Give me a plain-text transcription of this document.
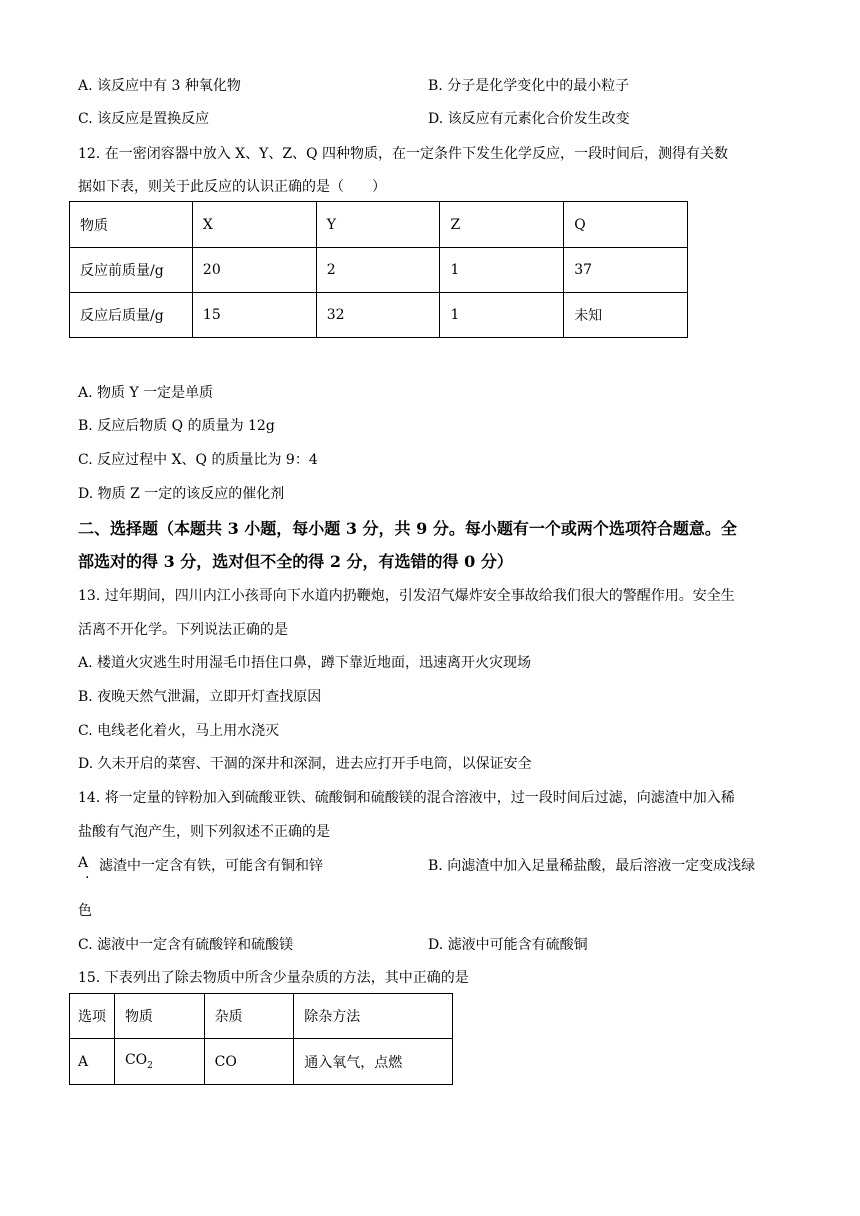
A. 该反应中有 3 种氧化物	B. 分子是化学变化中的最小粒子
C. 该反应是置换反应	D. 该反应有元素化合价发生改变
12. 在一密闭容器中放入 X、Y、Z、Q 四种物质，在一定条件下发生化学反应，一段时间后，测得有关数
据如下表，则关于此反应的认识正确的是（　　）
物质	X	Y	Z	Q
反应前质量/g	20	2	1	37
反应后质量/g	15	32	1	未知
A. 物质 Y 一定是单质
B. 反应后物质 Q 的质量为 12g
C. 反应过程中 X、Q 的质量比为 9：4
D. 物质 Z 一定的该反应的催化剂
二、选择题（本题共 3 小题，每小题 3 分，共 9 分。每小题有一个或两个选项符合题意。全
部选对的得 3 分，选对但不全的得 2 分，有选错的得 0 分）
13. 过年期间，四川内江小孩哥向下水道内扔鞭炮，引发沼气爆炸安全事故给我们很大的警醒作用。安全生
活离不开化学。下列说法正确的是
A. 楼道火灾逃生时用湿毛巾捂住口鼻，蹲下靠近地面，迅速离开火灾现场
B. 夜晚天然气泄漏，立即开灯查找原因
C. 电线老化着火，马上用水浇灭
D. 久未开启的菜窖、干涸的深井和深洞，进去应打开手电筒，以保证安全
14. 将一定量的锌粉加入到硫酸亚铁、硫酸铜和硫酸镁的混合溶液中，过一段时间后过滤，向滤渣中加入稀
盐酸有气泡产生，则下列叙述不正确的是
A
. 滤渣中一定含有铁，可能含有铜和锌	B. 向滤渣中加入足量稀盐酸，最后溶液一定变成浅绿
色
C. 滤液中一定含有硫酸锌和硫酸镁	D. 滤液中可能含有硫酸铜
15. 下表列出了除去物质中所含少量杂质的方法，其中正确的是
选项	物质	杂质	除杂方法
A	$CO_2$	CO	通入氧气，点燃
